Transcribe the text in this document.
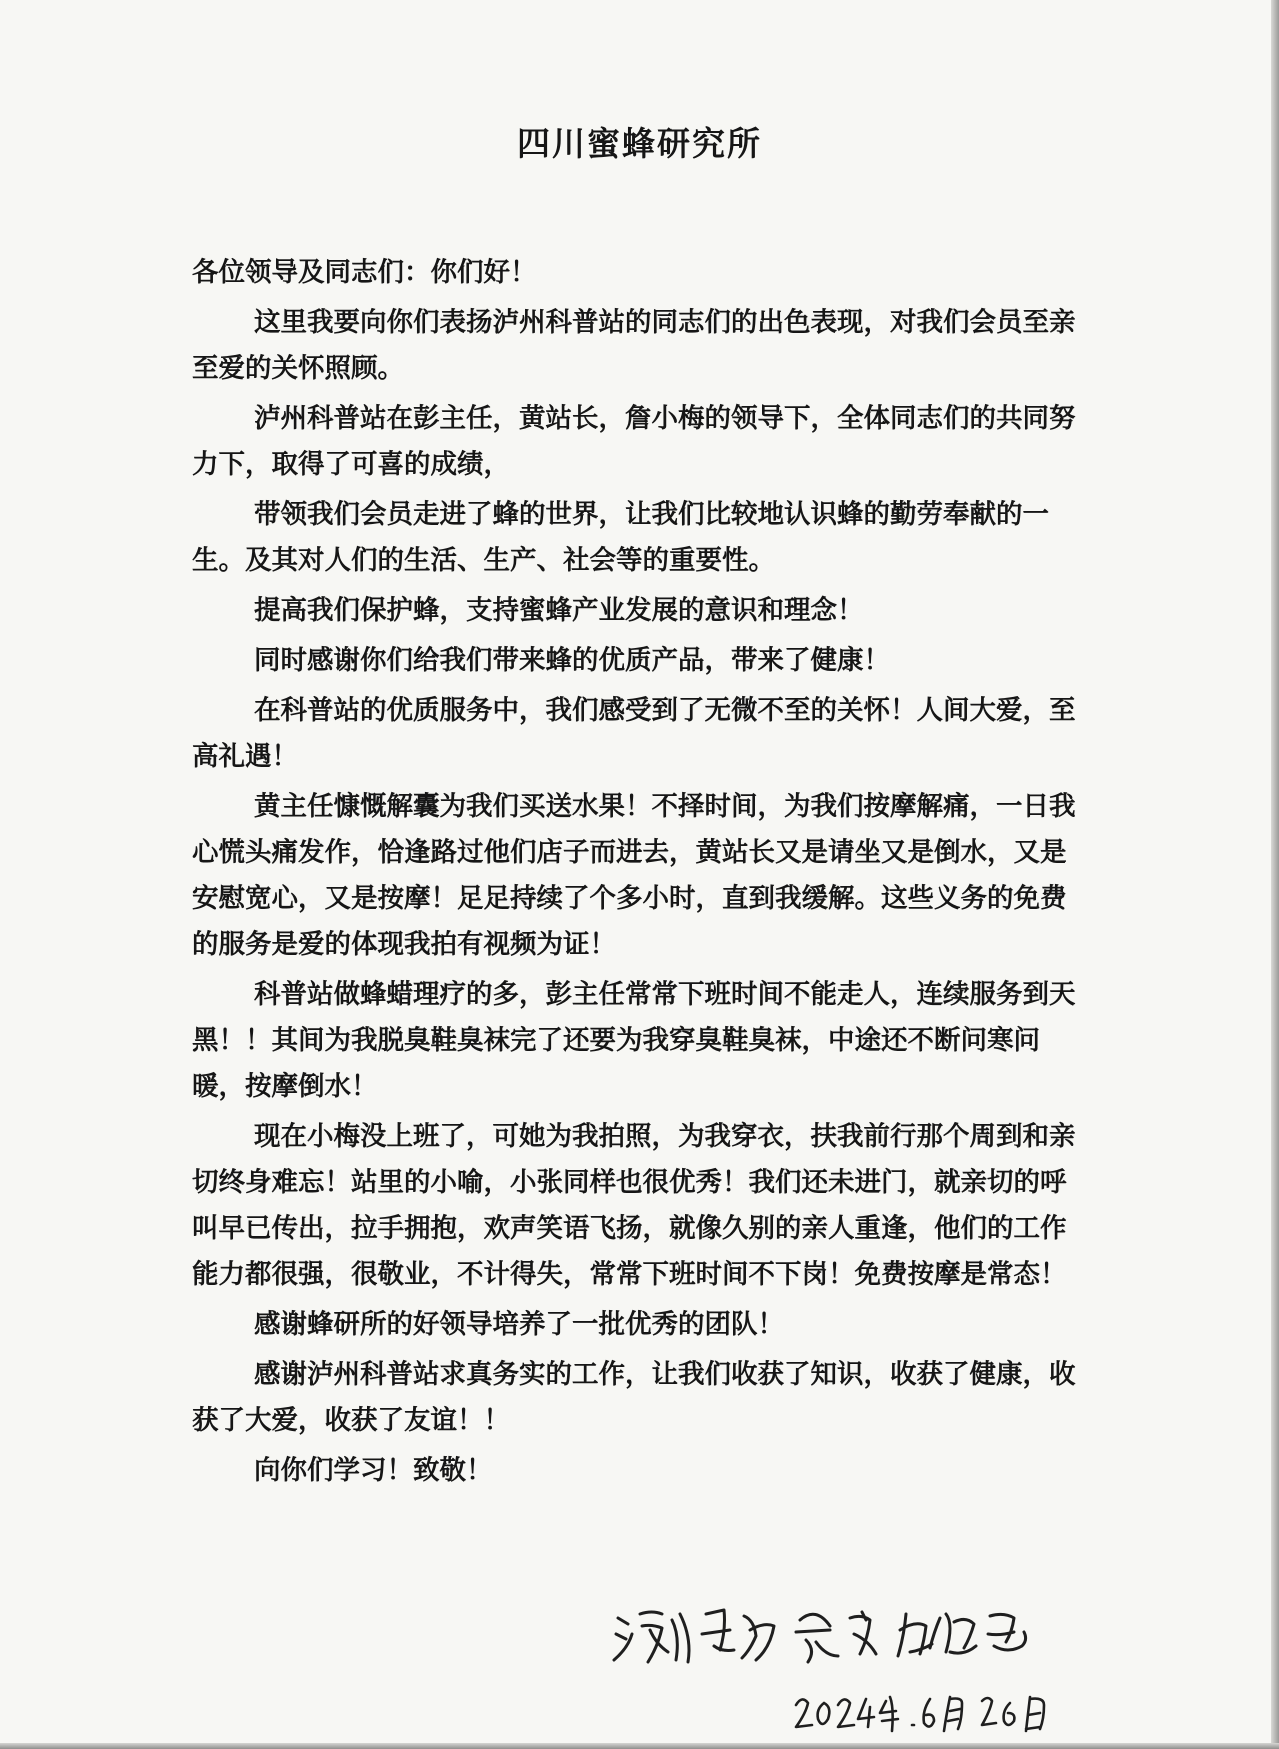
四川蜜蜂研究所

各位领导及同志们：你们好！

这里我要向你们表扬泸州科普站的同志们的出色表现，对我们会员至亲至爱的关怀照顾。

泸州科普站在彭主任，黄站长，詹小梅的领导下，全体同志们的共同努力下，取得了可喜的成绩，

带领我们会员走进了蜂的世界，让我们比较地认识蜂的勤劳奉献的一生。及其对人们的生活、生产、社会等的重要性。

提高我们保护蜂，支持蜜蜂产业发展的意识和理念！

同时感谢你们给我们带来蜂的优质产品，带来了健康！

在科普站的优质服务中，我们感受到了无微不至的关怀！人间大爱，至高礼遇！

黄主任慷慨解囊为我们买送水果！不择时间，为我们按摩解痛，一日我心慌头痛发作，恰逢路过他们店子而进去，黄站长又是请坐又是倒水，又是安慰宽心，又是按摩！足足持续了个多小时，直到我缓解。这些义务的免费的服务是爱的体现我拍有视频为证！

科普站做蜂蜡理疗的多，彭主任常常下班时间不能走人，连续服务到天黑！！其间为我脱臭鞋臭袜完了还要为我穿臭鞋臭袜，中途还不断问寒问暖，按摩倒水！

现在小梅没上班了，可她为我拍照，为我穿衣，扶我前行那个周到和亲切终身难忘！站里的小喻，小张同样也很优秀！我们还未进门，就亲切的呼叫早已传出，拉手拥抱，欢声笑语飞扬，就像久别的亲人重逢，他们的工作能力都很强，很敬业，不计得失，常常下班时间不下岗！免费按摩是常态！

感谢蜂研所的好领导培养了一批优秀的团队！

感谢泸州科普站求真务实的工作，让我们收获了知识，收获了健康，收获了大爱，收获了友谊！！

向你们学习！致敬！
